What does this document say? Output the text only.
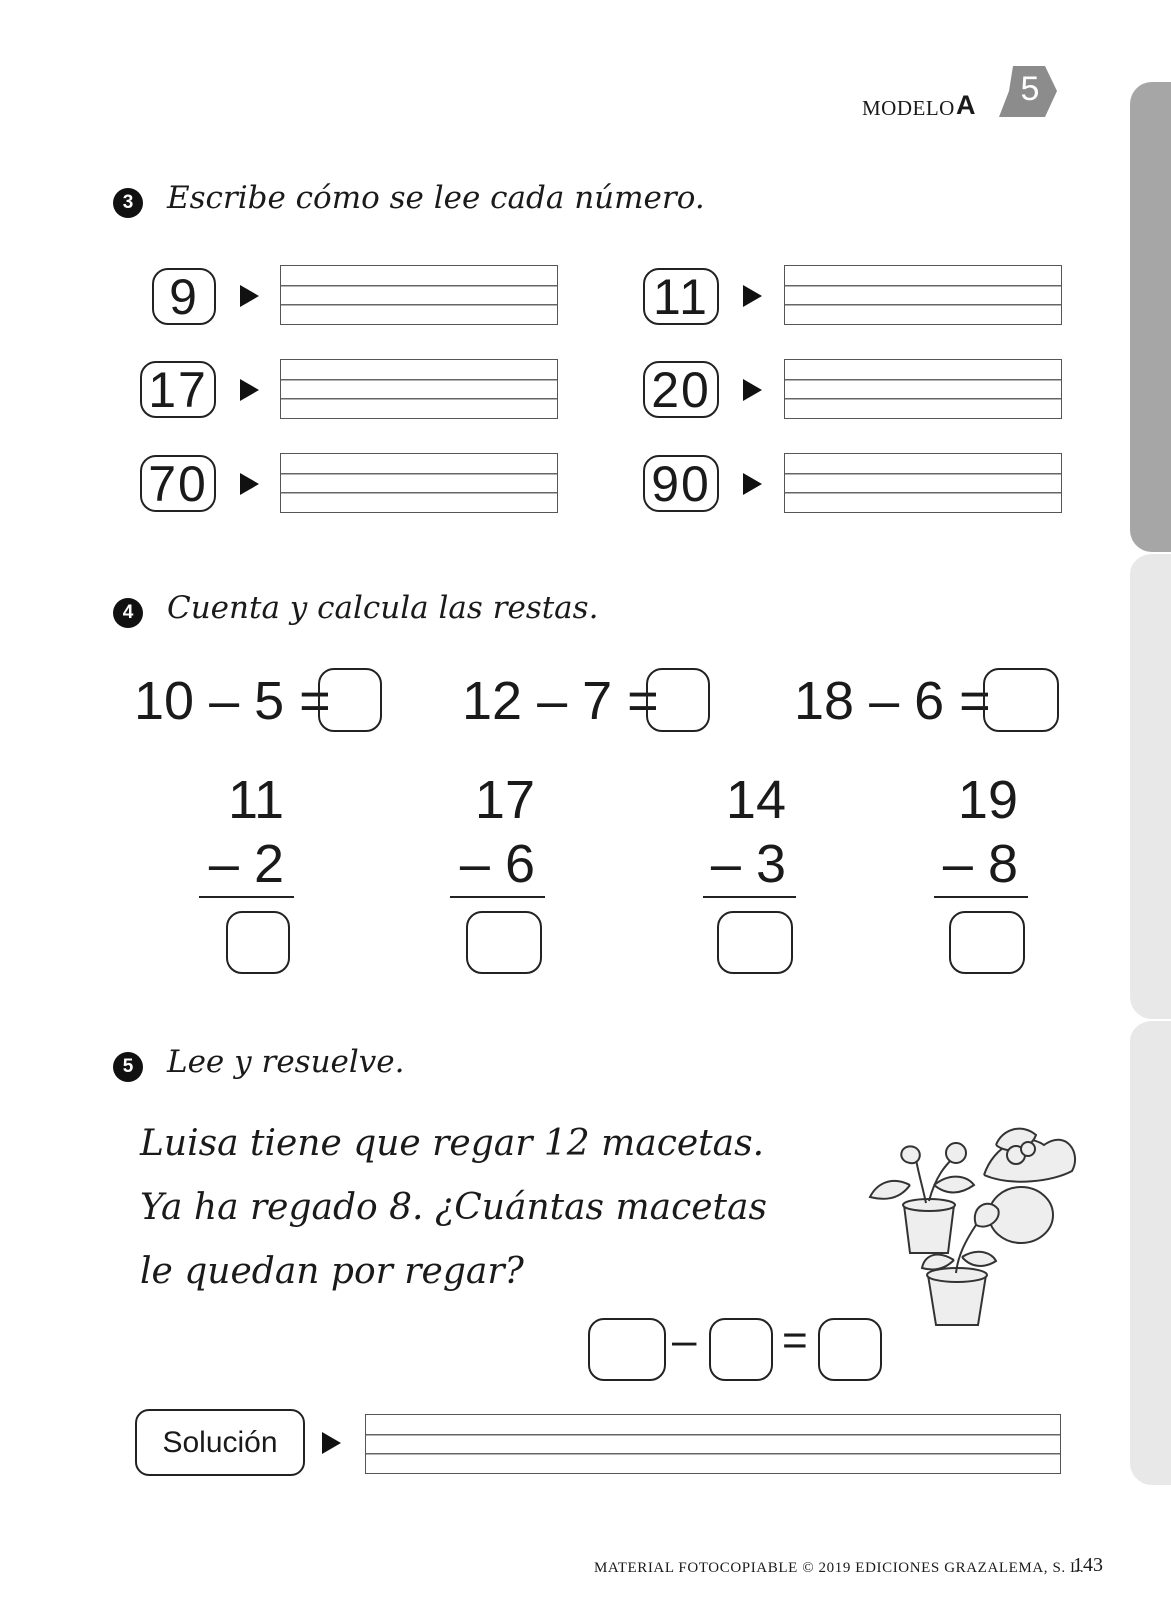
MODELO A 5
3	Escribe cómo se lee cada número.
9	11
17	20
70	90
4	Cuenta y calcula las restas.
10 – 5 = 12 – 7 =	18 – 6 =
11
– 2
17
– 6
14
– 3
19
– 8
5	Lee y resuelve.
Luisa tiene que regar 12 macetas.
Ya ha regado 8. ¿Cuántas macetas
le quedan por regar?
– =
Solución
MATERIAL FOTOCOPIABLE © 2019 EDICIONES GRAZALEMA, S. L.
143
